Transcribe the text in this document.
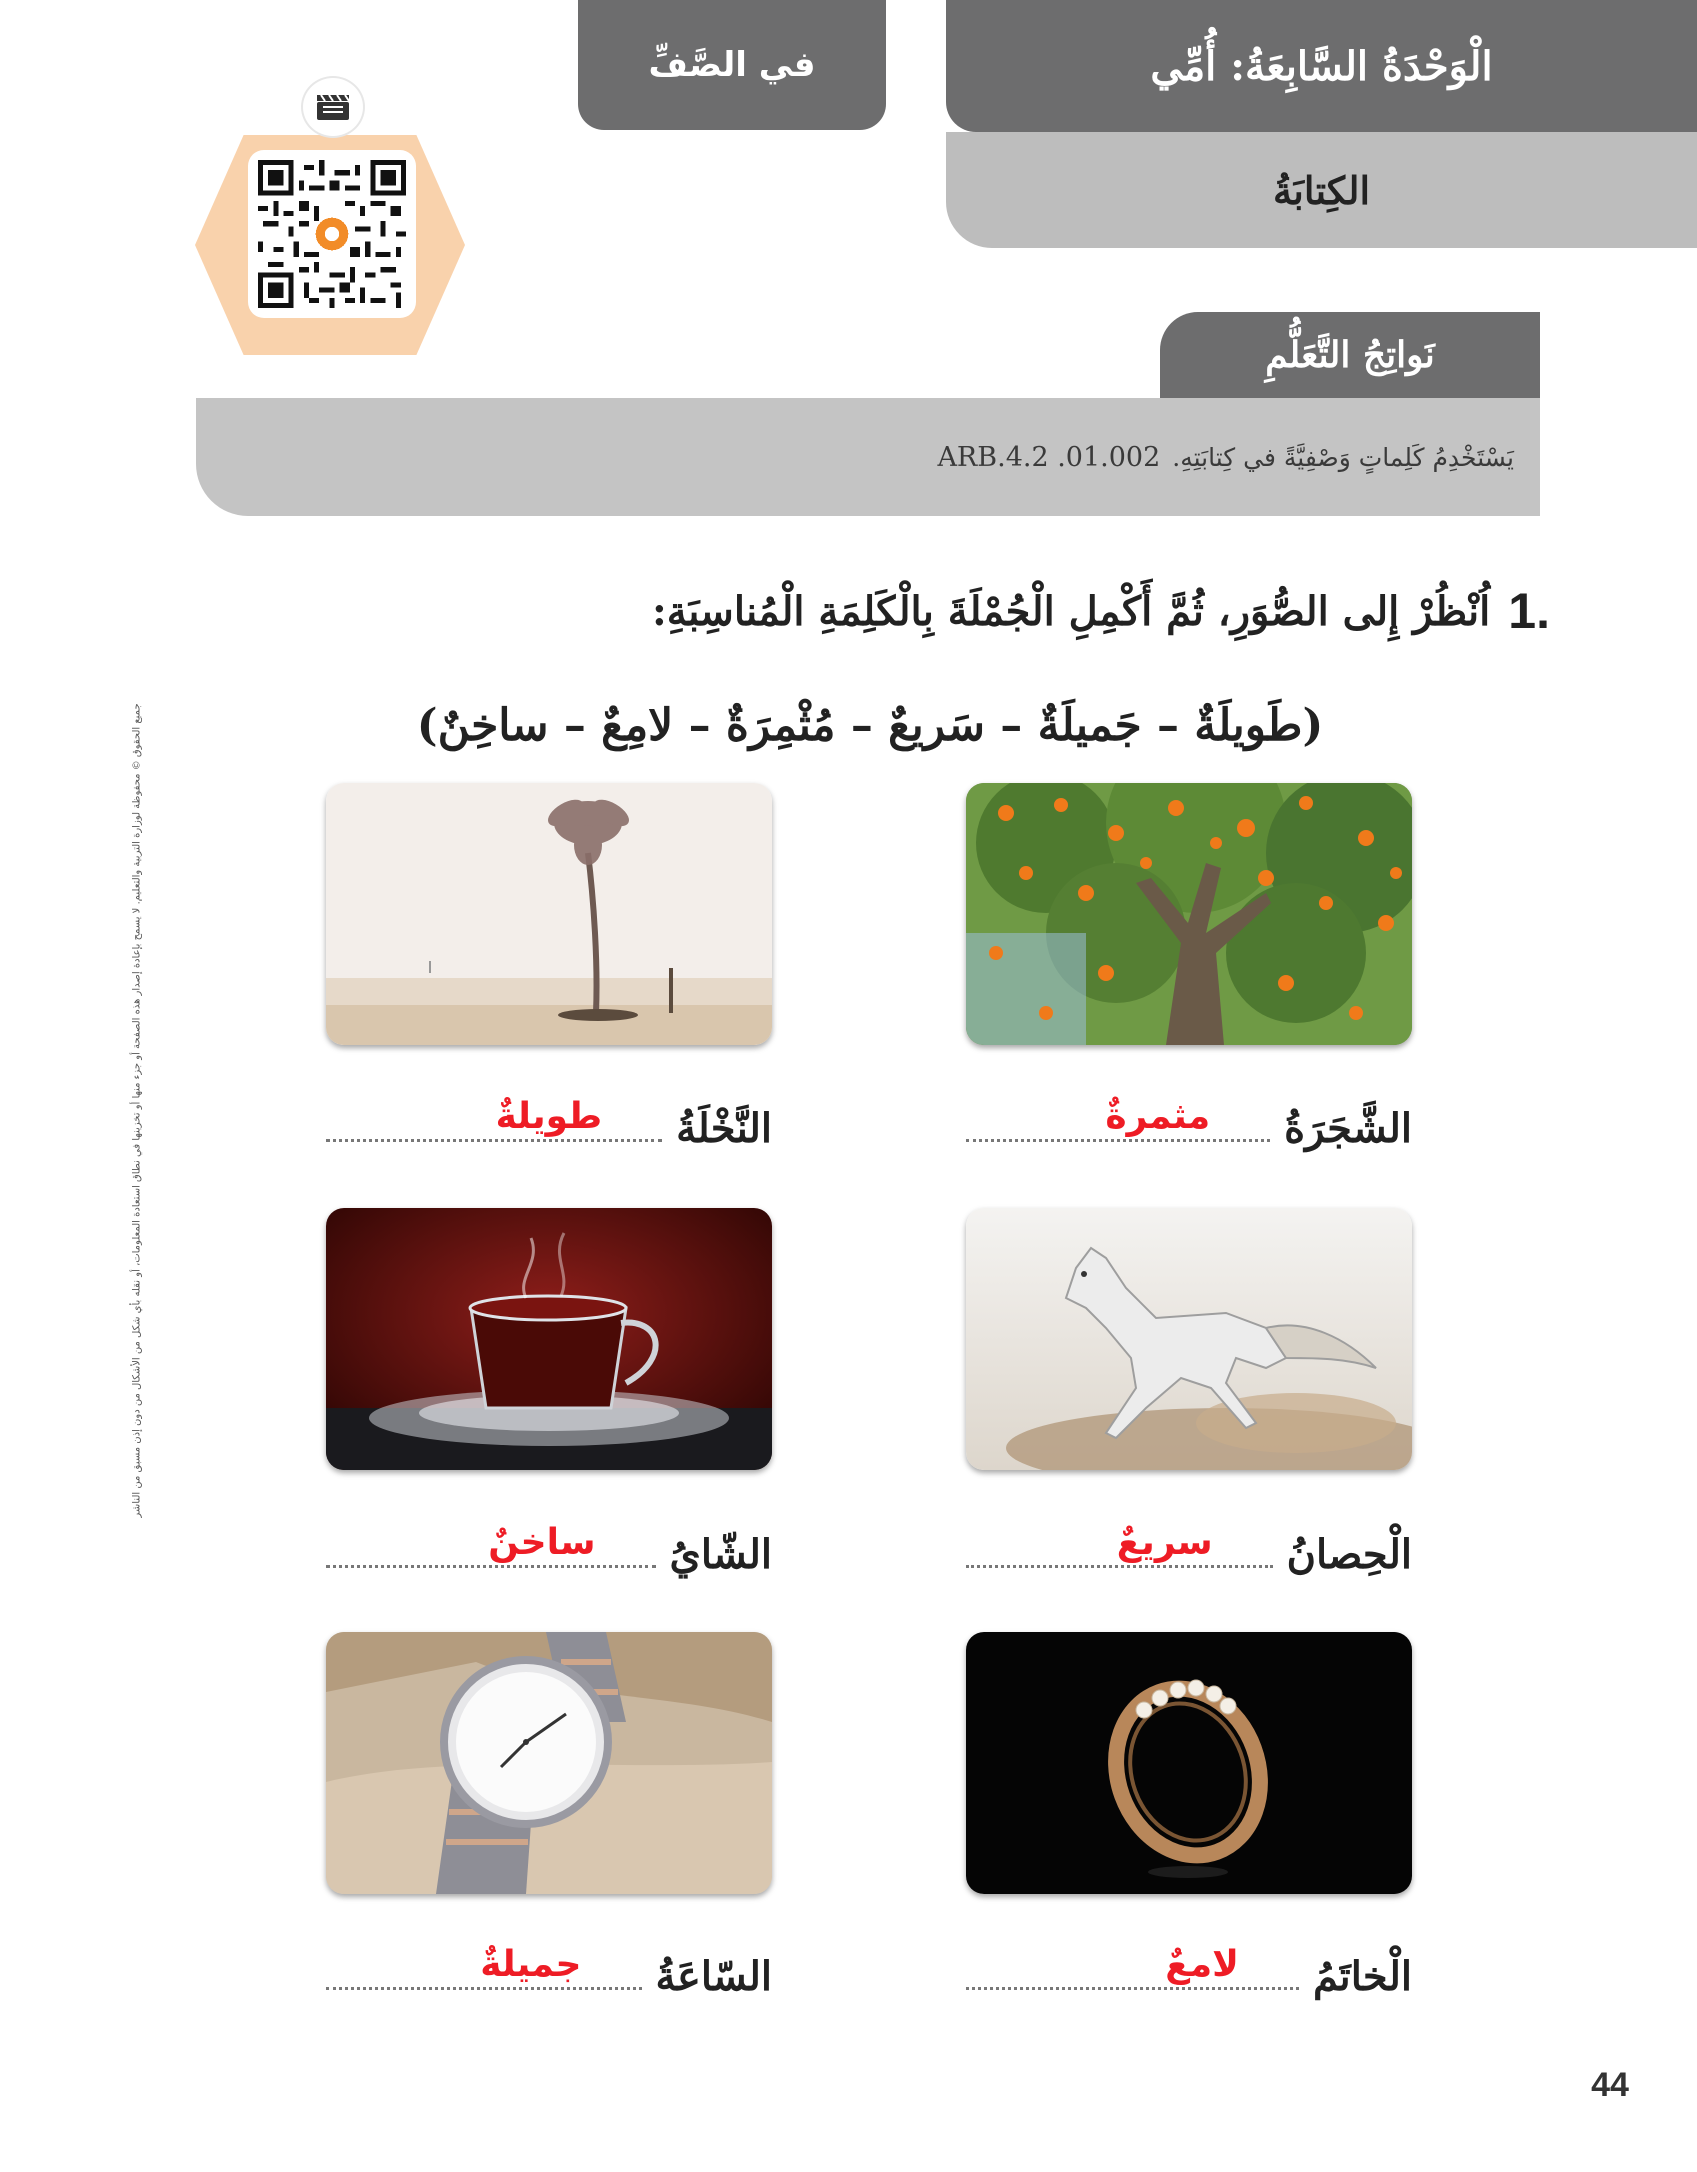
في الصَّفِّ	الْوَحْدَةُ السَّابِعَةُ: أُمِّي
الكِتابَةُ
نَواتِجُ التَّعَلُّمِ
يَسْتَخْدِمُ كَلِماتٍ وَصْفِيَّةً في كِتابَتِهِ.
ARB.4.2 .01.002
جميع الحقوق © محفوظة لوزارة التربية والتعليم. لا يسمح بإعادة إصدار هذه الصفحة أو جزء منها أو تخزينها في نطاق استعادة المعلومات، أو نقله بأي شكل من الأشكال من دون إذن مسبق من الناشر
1.
اُنْظُرْ إِلى الصُّوَرِ، ثُمَّ أَكْمِلِ الْجُمْلَةَ بِالْكَلِمَةِ الْمُناسِبَةِ:
(طَويلَةٌ – جَميلَةٌ – سَريعٌ – مُثْمِرَةٌ – لامِعٌ – ساخِنٌ)
الشَّجَرَةُ
مثمرةٌ
النَّخْلَةُ
طويلةٌ
الْحِصانُ
سريعٌ
الشّايُ
ساخنٌ
الْخاتَمُ
لامعٌ
السّاعَةُ
جميلةٌ
44
